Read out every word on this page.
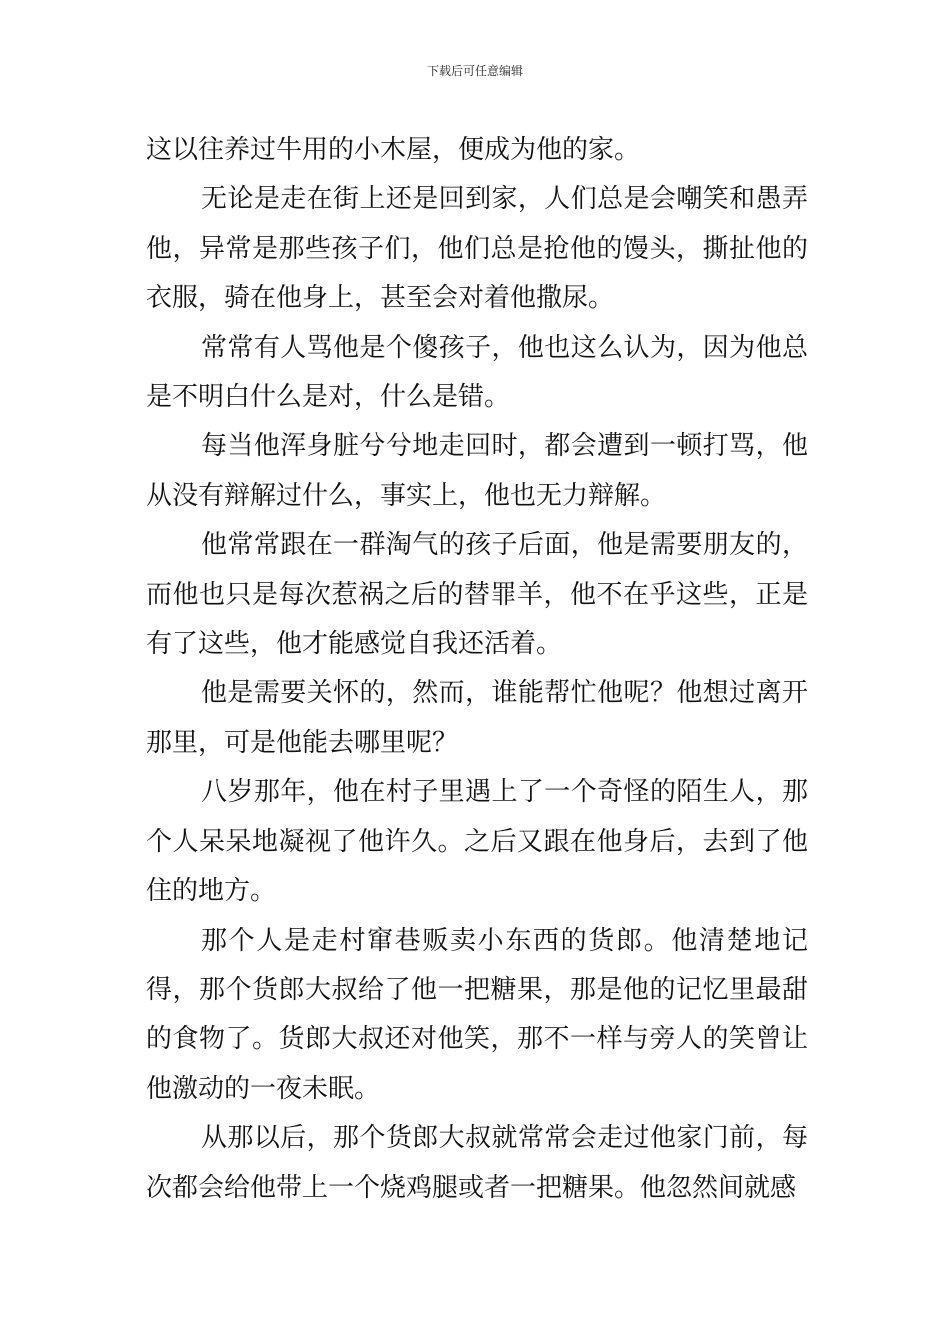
下载后可任意编辑

这以往养过牛用的小木屋，便成为他的家。

无论是走在街上还是回到家，人们总是会嘲笑和愚弄他，异常是那些孩子们，他们总是抢他的馒头，撕扯他的衣服，骑在他身上，甚至会对着他撒尿。

常常有人骂他是个傻孩子，他也这么认为，因为他总是不明白什么是对，什么是错。

每当他浑身脏兮兮地走回时，都会遭到一顿打骂，他从没有辩解过什么，事实上，他也无力辩解。

他常常跟在一群淘气的孩子后面，他是需要朋友的，而他也只是每次惹祸之后的替罪羊，他不在乎这些，正是有了这些，他才能感觉自我还活着。

他是需要关怀的，然而，谁能帮忙他呢？他想过离开那里，可是他能去哪里呢？

八岁那年，他在村子里遇上了一个奇怪的陌生人，那个人呆呆地凝视了他许久。之后又跟在他身后，去到了他住的地方。

那个人是走村窜巷贩卖小东西的货郎。他清楚地记得，那个货郎大叔给了他一把糖果，那是他的记忆里最甜的食物了。货郎大叔还对他笑，那不一样与旁人的笑曾让他激动的一夜未眠。

从那以后，那个货郎大叔就常常会走过他家门前，每次都会给他带上一个烧鸡腿或者一把糖果。他忽然间就感
